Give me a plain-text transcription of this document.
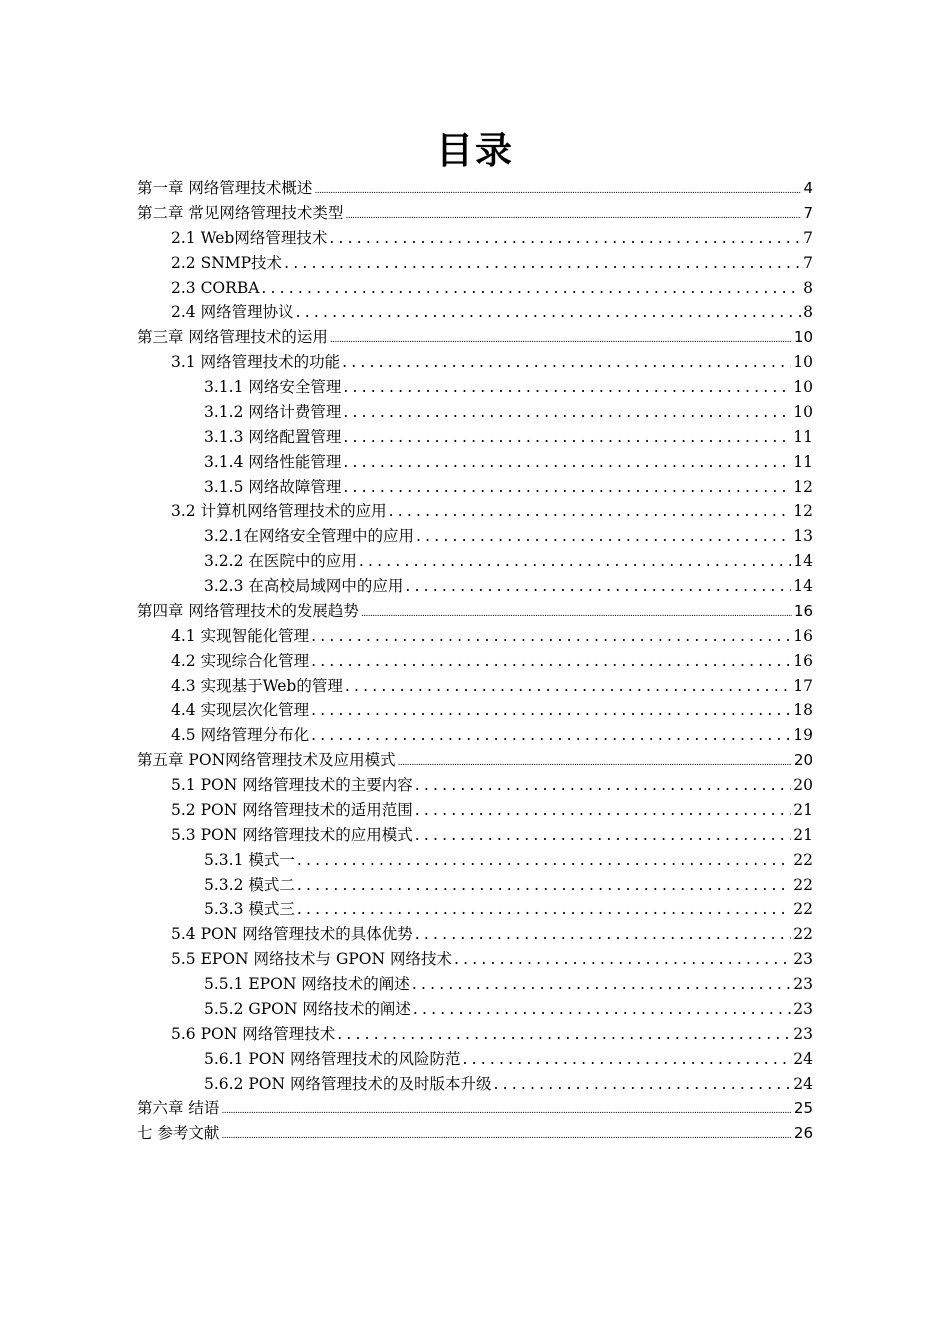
目录
第一章 网络管理技术概述 .....	4
第二章 常见网络管理技术类型 .....	7
2.1 Web网络管理技术 .....	7
2.2 SNMP技术 .....	7
2.3 CORBA .....	8
2.4 网络管理协议 .....	8
第三章 网络管理技术的运用 .....	10
3.1 网络管理技术的功能 .....	10
3.1.1 网络安全管理 .....	10
3.1.2 网络计费管理 .....	10
3.1.3 网络配置管理 .....	11
3.1.4 网络性能管理 .....	11
3.1.5 网络故障管理 .....	12
3.2 计算机网络管理技术的应用 .....	12
3.2.1在网络安全管理中的应用 .....	13
3.2.2 在医院中的应用 .....	14
3.2.3 在高校局域网中的应用 .....	14
第四章 网络管理技术的发展趋势 .....	16
4.1 实现智能化管理 .....	16
4.2 实现综合化管理 .....	16
4.3 实现基于Web的管理 .....	17
4.4 实现层次化管理 .....	18
4.5 网络管理分布化 .....	19
第五章 PON网络管理技术及应用模式 .....	20
5.1 PON 网络管理技术的主要内容 .....	20
5.2 PON 网络管理技术的适用范围 .....	21
5.3 PON 网络管理技术的应用模式 .....	21
5.3.1 模式一 .....	22
5.3.2 模式二 .....	22
5.3.3 模式三 .....	22
5.4 PON 网络管理技术的具体优势 .....	22
5.5 EPON 网络技术与 GPON 网络技术 .....	23
5.5.1 EPON 网络技术的阐述 .....	23
5.5.2 GPON 网络技术的阐述 .....	23
5.6 PON 网络管理技术 .....	23
5.6.1 PON 网络管理技术的风险防范 .....	24
5.6.2 PON 网络管理技术的及时版本升级 .....	24
第六章 结语 .....	25
七 参考文献 .....	26
